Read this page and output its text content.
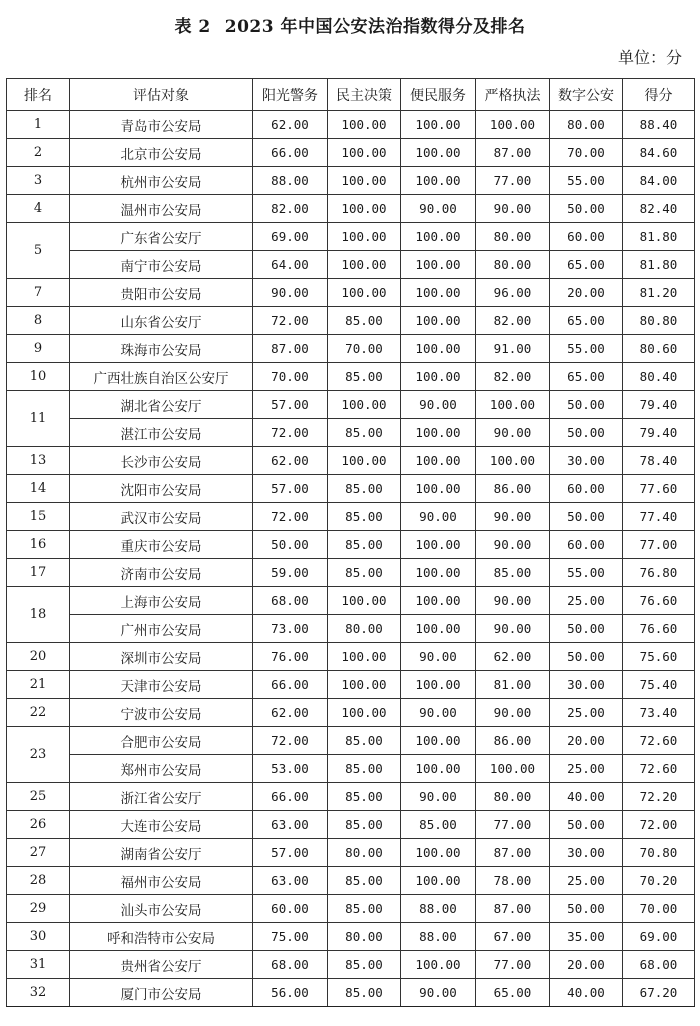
表 2 2023 年中国公安法治指数得分及排名
单位：分
排名	评估对象	阳光警务	民主决策	便民服务	严格执法	数字公安	得分
1	青岛市公安局	62.00	100.00	100.00	100.00	80.00	88.40
2	北京市公安局	66.00	100.00	100.00	87.00	70.00	84.60
3	杭州市公安局	88.00	100.00	100.00	77.00	55.00	84.00
4	温州市公安局	82.00	100.00	90.00	90.00	50.00	82.40
5	广东省公安厅	69.00	100.00	100.00	80.00	60.00	81.80
	南宁市公安局	64.00	100.00	100.00	80.00	65.00	81.80
7	贵阳市公安局	90.00	100.00	100.00	96.00	20.00	81.20
8	山东省公安厅	72.00	85.00	100.00	82.00	65.00	80.80
9	珠海市公安局	87.00	70.00	100.00	91.00	55.00	80.60
10	广西壮族自治区公安厅	70.00	85.00	100.00	82.00	65.00	80.40
11	湖北省公安厅	57.00	100.00	90.00	100.00	50.00	79.40
	湛江市公安局	72.00	85.00	100.00	90.00	50.00	79.40
13	长沙市公安局	62.00	100.00	100.00	100.00	30.00	78.40
14	沈阳市公安局	57.00	85.00	100.00	86.00	60.00	77.60
15	武汉市公安局	72.00	85.00	90.00	90.00	50.00	77.40
16	重庆市公安局	50.00	85.00	100.00	90.00	60.00	77.00
17	济南市公安局	59.00	85.00	100.00	85.00	55.00	76.80
18	上海市公安局	68.00	100.00	100.00	90.00	25.00	76.60
	广州市公安局	73.00	80.00	100.00	90.00	50.00	76.60
20	深圳市公安局	76.00	100.00	90.00	62.00	50.00	75.60
21	天津市公安局	66.00	100.00	100.00	81.00	30.00	75.40
22	宁波市公安局	62.00	100.00	90.00	90.00	25.00	73.40
23	合肥市公安局	72.00	85.00	100.00	86.00	20.00	72.60
	郑州市公安局	53.00	85.00	100.00	100.00	25.00	72.60
25	浙江省公安厅	66.00	85.00	90.00	80.00	40.00	72.20
26	大连市公安局	63.00	85.00	85.00	77.00	50.00	72.00
27	湖南省公安厅	57.00	80.00	100.00	87.00	30.00	70.80
28	福州市公安局	63.00	85.00	100.00	78.00	25.00	70.20
29	汕头市公安局	60.00	85.00	88.00	87.00	50.00	70.00
30	呼和浩特市公安局	75.00	80.00	88.00	67.00	35.00	69.00
31	贵州省公安厅	68.00	85.00	100.00	77.00	20.00	68.00
32	厦门市公安局	56.00	85.00	90.00	65.00	40.00	67.20
